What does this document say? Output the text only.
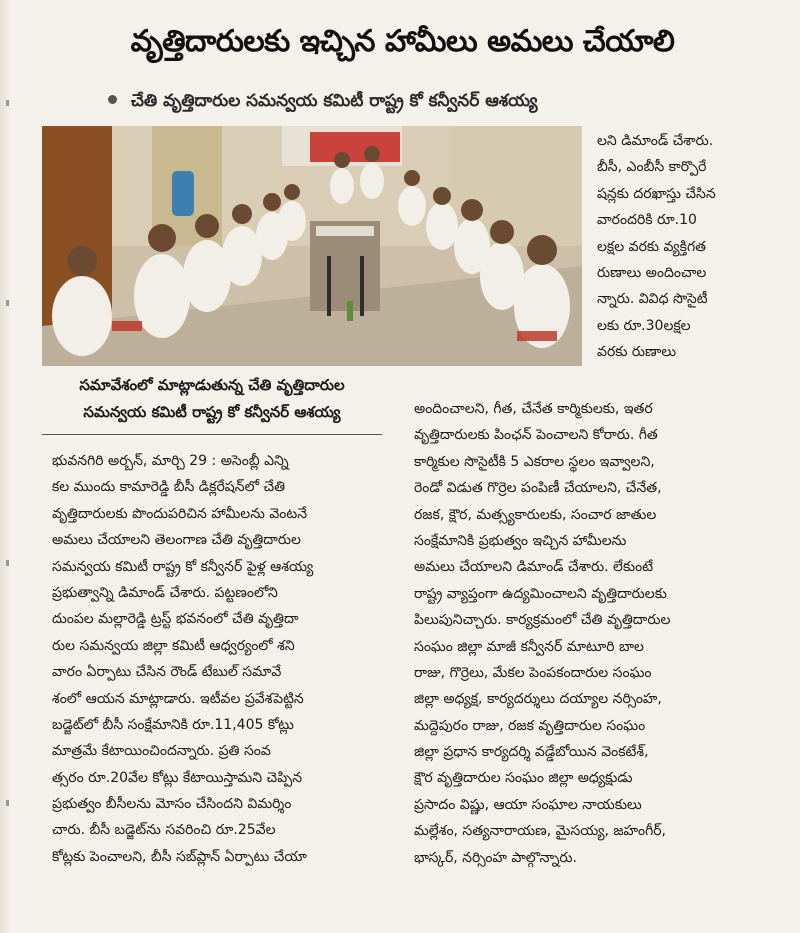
వృత్తిదారులకు ఇచ్చిన హామీలు అమలు చేయాలి
చేతి వృత్తిదారుల సమన్వయ కమిటీ రాష్ట్ర కో కన్వీనర్ ఆశయ్య
సమావేశంలో మాట్లాడుతున్న చేతి వృత్తిదారుల
సమన్వయ కమిటీ రాష్ట్ర కో కన్వీనర్ ఆశయ్య
భువనగిరి అర్బన్, మార్చి 29 : అసెంబ్లీ ఎన్ని
కల ముందు కామారెడ్డి బీసీ డిక్లరేషన్‌లో చేతి
వృత్తిదారులకు పొందుపరిచిన హామీలను వెంటనే
అమలు చేయాలని తెలంగాణ చేతి వృత్తిదారుల
సమన్వయ కమిటీ రాష్ట్ర కో కన్వీనర్ పైళ్ల ఆశయ్య
ప్రభుత్వాన్ని డిమాండ్ చేశారు. పట్టణంలోని
దుంపల మల్లారెడ్డి ట్రస్ట్ భవనంలో చేతి వృత్తిదా
రుల సమన్వయ జిల్లా కమిటీ ఆధ్వర్యంలో శని
వారం ఏర్పాటు చేసిన రౌండ్ టేబుల్ సమావే
శంలో ఆయన మాట్లాడారు. ఇటీవల ప్రవేశపెట్టిన
బడ్జెట్‌లో బీసీ సంక్షేమానికి రూ.11,405 కోట్లు
మాత్రమే కేటాయించిందన్నారు. ప్రతి సంవ
త్సరం రూ.20వేల కోట్లు కేటాయిస్తామని చెప్పిన
ప్రభుత్వం బీసీలను మోసం చేసిందని విమర్శిం
చారు. బీసీ బడ్జెట్‌ను సవరించి రూ.25వేల
కోట్లకు పెంచాలని, బీసీ సబ్‌ప్లాన్ ఏర్పాటు చేయా
లని డిమాండ్ చేశారు.
బీసీ, ఎంబీసీ కార్పొరే
షన్లకు దరఖాస్తు చేసిన
వారందరికి రూ.10
లక్షల వరకు వ్యక్తిగత
రుణాలు అందించాల
న్నారు. వివిధ సొసైటీ
లకు రూ.30లక్షల
వరకు రుణాలు
అందించాలని, గీత, చేనేత కార్మికులకు, ఇతర
వృత్తిదారులకు పింఛన్ పెంచాలని కోరారు. గీత
కార్మికుల సొసైటీకి 5 ఎకరాల స్థలం ఇవ్వాలని,
రెండో విడుత గొర్రెల పంపిణీ చేయాలని, చేనేత,
రజక, క్షౌర, మత్స్యకారులకు, సంచార జాతుల
సంక్షేమానికి ప్రభుత్వం ఇచ్చిన హామీలను
అమలు చేయాలని డిమాండ్ చేశారు. లేకుంటే
రాష్ట్ర వ్యాప్తంగా ఉద్యమించాలని వృత్తిదారులకు
పిలుపునిచ్చారు. కార్యక్రమంలో చేతి వృత్తిదారుల
సంఘం జిల్లా మాజీ కన్వీనర్ మాటూరి బాల
రాజు, గొర్రెలు, మేకల పెంపకందారుల సంఘం
జిల్లా అధ్యక్ష, కార్యదర్శులు దయ్యాల నర్సింహ,
మద్దెపురం రాజు, రజక వృత్తిదారుల సంఘం
జిల్లా ప్రధాన కార్యదర్శి వడ్డేబోయిన వెంకటేశ్,
క్షౌర వృత్తిదారుల సంఘం జిల్లా అధ్యక్షుడు
ప్రసాదం విష్ణు, ఆయా సంఘాల నాయకులు
మల్లేశం, సత్యనారాయణ, మైసయ్య, జహంగీర్,
భాస్కర్, నర్సింహ పాల్గొన్నారు.
